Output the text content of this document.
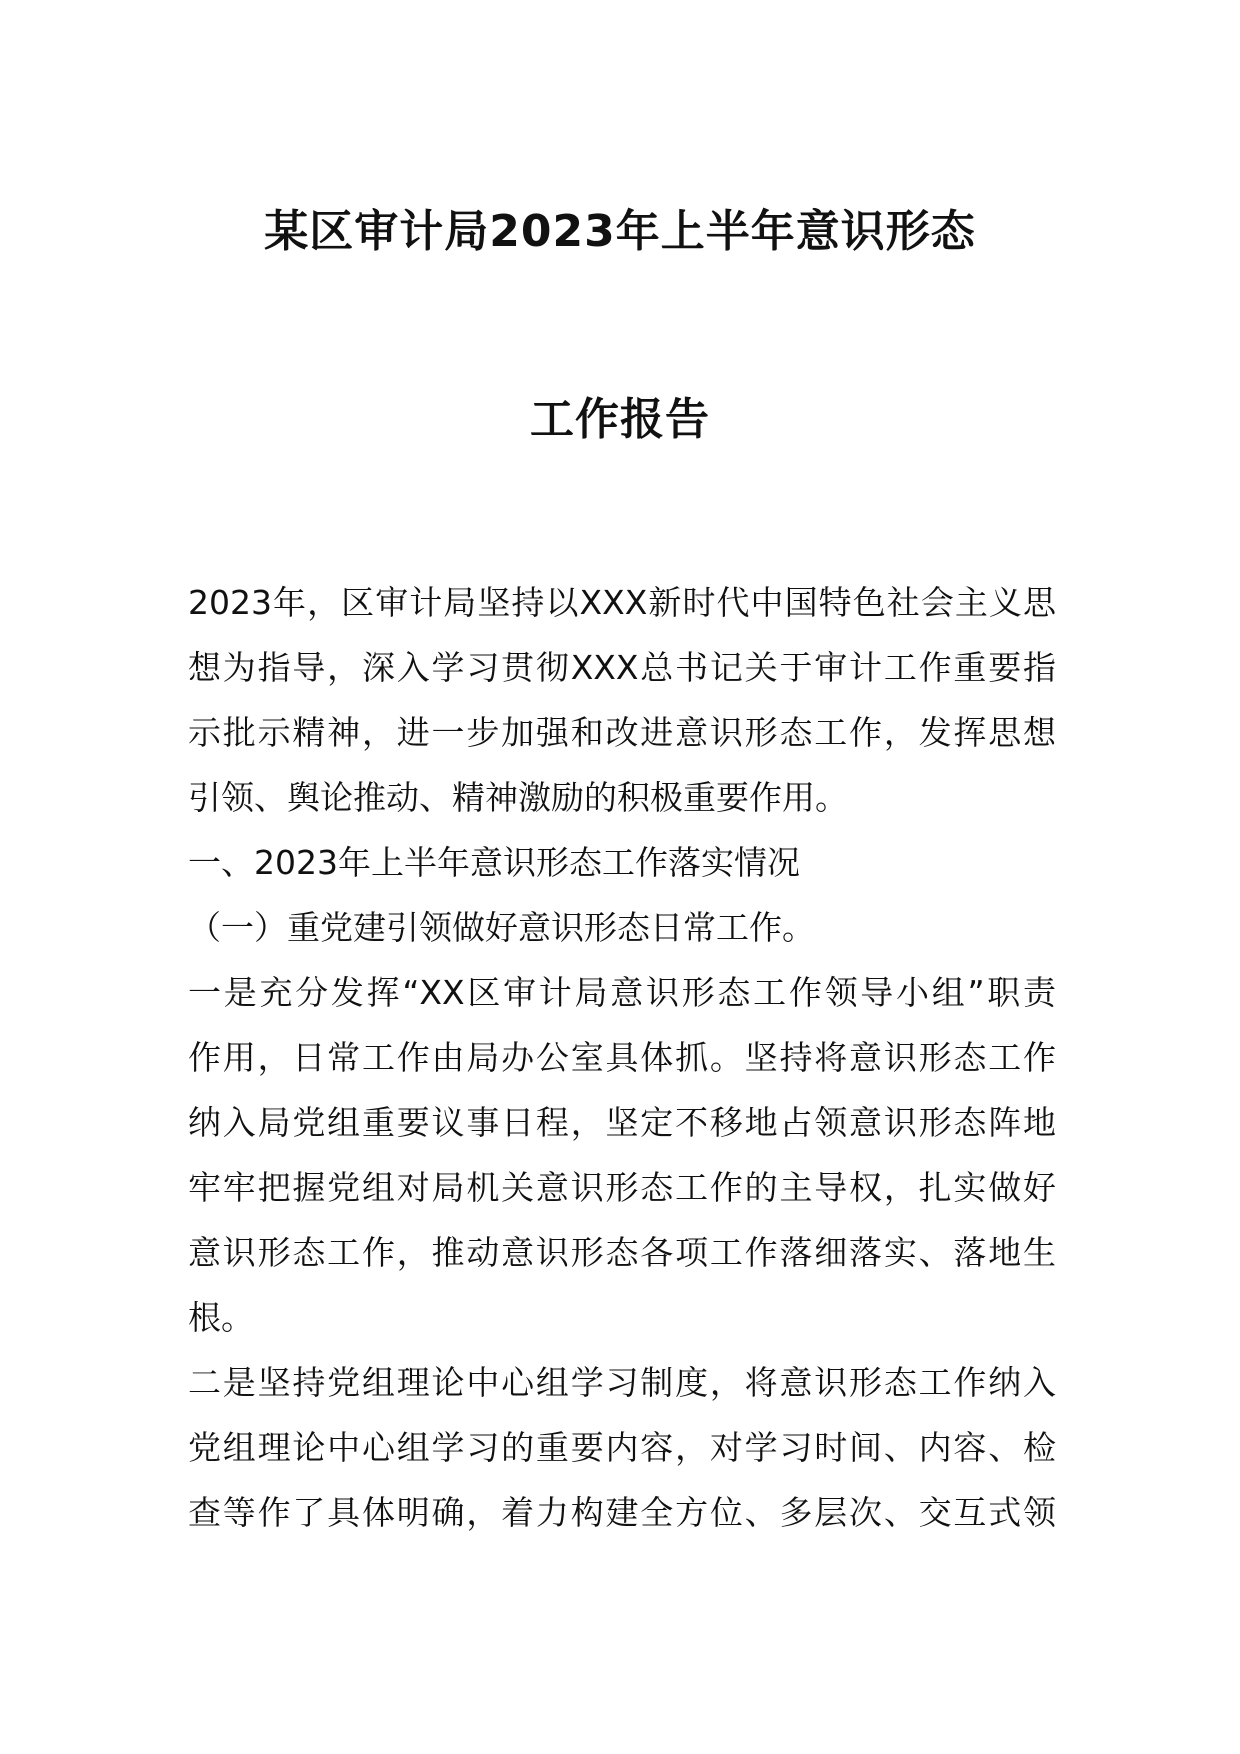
某区审计局2023年上半年意识形态
工作报告
2023年，区审计局坚持以XXX新时代中国特色社会主义思
想为指导，深入学习贯彻XXX总书记关于审计工作重要指
示批示精神，进一步加强和改进意识形态工作，发挥思想
引领、舆论推动、精神激励的积极重要作用。
一、2023年上半年意识形态工作落实情况
（一）重党建引领做好意识形态日常工作。
一是充分发挥“XX区审计局意识形态工作领导小组”职责
作用，日常工作由局办公室具体抓。坚持将意识形态工作
纳入局党组重要议事日程，坚定不移地占领意识形态阵地
牢牢把握党组对局机关意识形态工作的主导权，扎实做好
意识形态工作，推动意识形态各项工作落细落实、落地生
根。
二是坚持党组理论中心组学习制度，将意识形态工作纳入
党组理论中心组学习的重要内容，对学习时间、内容、检
查等作了具体明确，着力构建全方位、多层次、交互式领
